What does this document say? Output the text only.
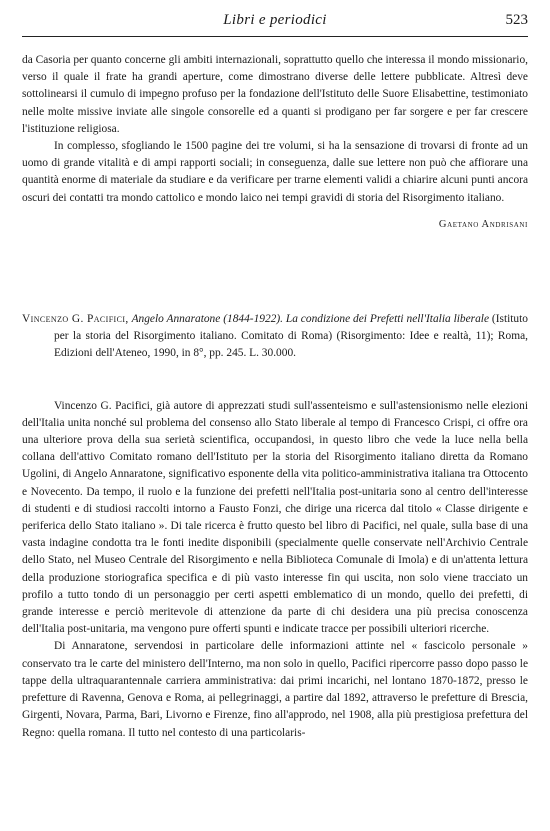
Libri e periodici	523

da Casoria per quanto concerne gli ambiti internazionali, soprattutto quello che interessa il mondo missionario, verso il quale il frate ha grandi aperture, come dimostrano diverse delle lettere pubblicate. Altresì deve sottolinearsi il cumulo di impegno profuso per la fondazione dell'Istituto delle Suore Elisabettine, testimoniato nelle molte missive inviate alle singole consorelle ed a quanti si prodigano per far sorgere e per far crescere l'istituzione religiosa.

In complesso, sfogliando le 1500 pagine dei tre volumi, si ha la sensazione di trovarsi di fronte ad un uomo di grande vitalità e di ampi rapporti sociali; in conseguenza, dalle sue lettere non può che affiorare una quantità enorme di materiale da studiare e da verificare per trarne elementi validi a chiarire alcuni punti ancora oscuri dei contatti tra mondo cattolico e mondo laico nei tempi gravidi di storia del Risorgimento italiano.

Gaetano Andrisani

Vincenzo G. Pacifici, Angelo Annaratone (1844-1922). La condizione dei Prefetti nell'Italia liberale (Istituto per la storia del Risorgimento italiano. Comitato di Roma) (Risorgimento: Idee e realtà, 11); Roma, Edizioni dell'Ateneo, 1990, in 8°, pp. 245. L. 30.000.

Vincenzo G. Pacifici, già autore di apprezzati studi sull'assenteismo e sull'astensionismo nelle elezioni dell'Italia unita nonché sul problema del consenso allo Stato liberale al tempo di Francesco Crispi, ci offre ora una ulteriore prova della sua serietà scientifica, occupandosi, in questo libro che vede la luce nella bella collana dell'attivo Comitato romano dell'Istituto per la storia del Risorgimento italiano diretta da Romano Ugolini, di Angelo Annaratone, significativo esponente della vita politico-amministrativa italiana tra Ottocento e Novecento. Da tempo, il ruolo e la funzione dei prefetti nell'Italia post-unitaria sono al centro dell'interesse di studenti e di studiosi raccolti intorno a Fausto Fonzi, che dirige una ricerca dal titolo « Classe dirigente e periferica dello Stato italiano ». Di tale ricerca è frutto questo bel libro di Pacifici, nel quale, sulla base di una vasta indagine condotta tra le fonti inedite disponibili (specialmente quelle conservate nell'Archivio Centrale dello Stato, nel Museo Centrale del Risorgimento e nella Biblioteca Comunale di Imola) e di un'attenta lettura della produzione storiografica specifica e di più vasto interesse fin qui uscita, non solo viene tracciato un profilo a tutto tondo di un personaggio per certi aspetti emblematico di un mondo, quello dei prefetti, di grande interesse e perciò meritevole di attenzione da parte di chi desidera una più precisa conoscenza dell'Italia post-unitaria, ma vengono pure offerti spunti e indicate tracce per possibili ulteriori ricerche.

Di Annaratone, servendosi in particolare delle informazioni attinte nel « fascicolo personale » conservato tra le carte del ministero dell'Interno, ma non solo in quello, Pacifici ripercorre passo dopo passo le tappe della ultraquarantennale carriera amministrativa: dai primi incarichi, nel lontano 1870-1872, presso le prefetture di Ravenna, Genova e Roma, ai pellegrinaggi, a partire dal 1892, attraverso le prefetture di Brescia, Girgenti, Novara, Parma, Bari, Livorno e Firenze, fino all'approdo, nel 1908, alla più prestigiosa prefettura del Regno: quella romana. Il tutto nel contesto di una particolaris-
